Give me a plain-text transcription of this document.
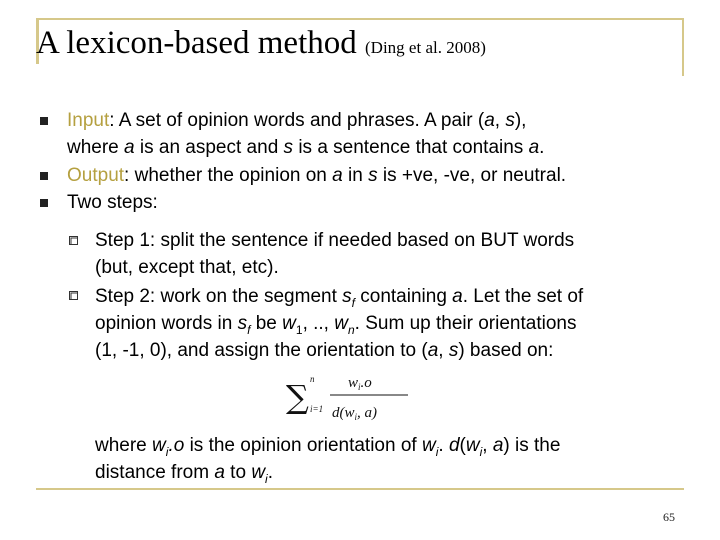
A lexicon-based method (Ding et al. 2008)
Input: A set of opinion words and phrases. A pair (a, s),
where a is an aspect and s is a sentence that contains a.
Output: whether the opinion on a in s is +ve, -ve, or neutral.
Two steps:
Step 1: split the sentence if needed based on BUT words
(but, except that, etc).
Step 2: work on the segment $s_f$ containing a. Let the set of
opinion words in $s_f$ be $w_1$, .., $w_n$. Sum up their orientations
(1, -1, 0), and assign the orientation to (a, s) based on:
∑ n
i=1
$w_i.o$
$d(w_i$, a)
where $w_i.o$ is the opinion orientation of $w_i$. $d(w_i$, a) is the
distance from a to $w_i$.
65
